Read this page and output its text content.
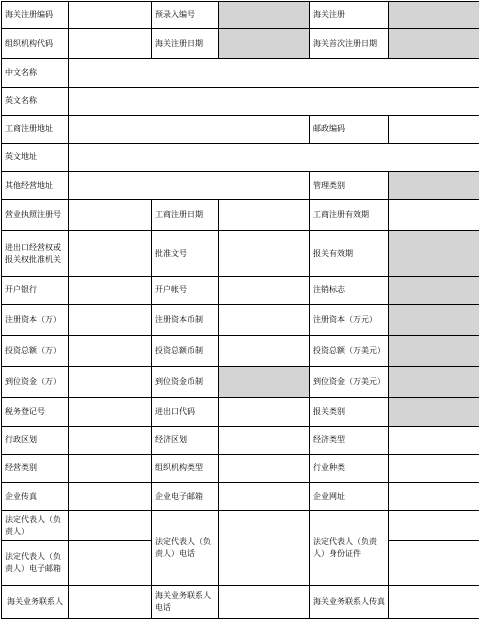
海关注册编码		预录入编号		海关注册	
组织机构代码		海关注册日期		海关首次注册日期	
中文名称					
英文名称					
工商注册地址				邮政编码	
英文地址					
其他经营地址				管理类别	
营业执照注册号		工商注册日期		工商注册有效期	
进出口经营权或报关权批准机关		批准文号		报关有效期	
开户银行		开户帐号		注销标志	
注册资本（万）		注册资本币制		注册资本（万元）	
投资总额（万）		投资总额币制		投资总额（万美元）	
到位资金（万）		到位资金币制		到位资金（万美元）	
税务登记号		进出口代码		报关类别	
行政区划		经济区划		经济类型	
经营类别		组织机构类型		行业种类	
企业传真		企业电子邮箱		企业网址	
法定代表人（负责人）		法定代表人（负责人）电话		法定代表人（负责人）身份证件	
法定代表人（负责人）电子邮箱					
海关业务联系人		海关业务联系人电话		海关业务联系人传真	
